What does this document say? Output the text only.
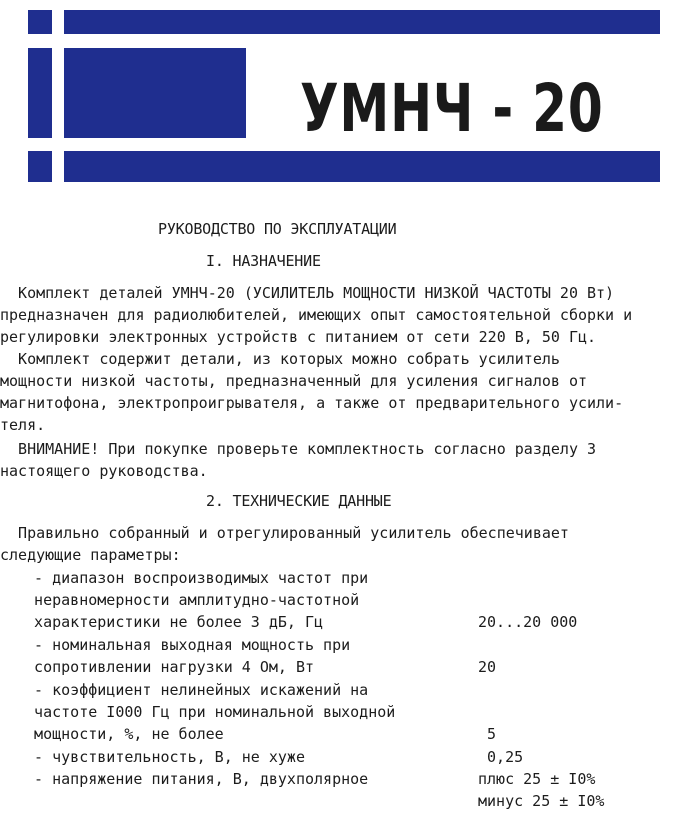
УМНЧ - 20
РУКОВОДСТВО ПО ЭКСПЛУАТАЦИИ
I. НАЗНАЧЕНИЕ
Комплект деталей УМНЧ-20 (УСИЛИТЕЛЬ МОЩНОСТИ НИЗКОЙ ЧАСТОТЫ 20 Вт)
предназначен для радиолюбителей, имеющих опыт самостоятельной сборки и
регулировки электронных устройств с питанием от сети 220 В, 50 Гц.
Комплект содержит детали, из которых можно собрать усилитель
мощности низкой частоты, предназначенный для усиления сигналов от
магнитофона, электропроигрывателя, а также от предварительного усили-
теля.
ВНИМАНИЕ! При покупке проверьте комплектность согласно разделу 3
настоящего руководства.
2. ТЕХНИЧЕСКИЕ ДАННЫЕ
Правильно собранный и отрегулированный усилитель обеспечивает
следующие параметры:
- диапазон воспроизводимых частот при
неравномерности амплитудно-частотной
характеристики не более 3 дБ, Гц	20...20 000
- номинальная выходная мощность при
сопротивлении нагрузки 4 Ом, Вт	20
- коэффициент нелинейных искажений на
частоте I000 Гц при номинальной выходной
мощности, %, не более	5
- чувствительность, В, не хуже	0,25
- напряжение питания, В, двухполярное	плюс 25 ± I0%
минус 25 ± I0%
